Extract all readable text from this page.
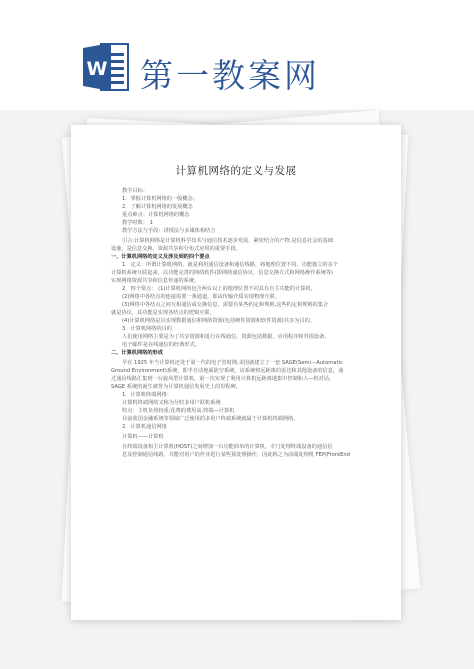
W 第一教案网
计算机网络的定义与发展
教学目标：
1．掌握计算机网络的一般概念；
2．了解计算机网络的发展概念
重点难点：计算机网络的概念
教学时数： 1
教学方法与手段：讲授法与多媒体相结合
引言:计算机网络是计算机科学技术与通信技术逐步发展、紧密结合的产物,是信息社会的基础
设施，是信息交换、资源共享和分布式应用的重要手段。
一、计算机网络的定义及涉及到的四个要点
1．定义：所谓计算机网络，就是利用通信设备和通信线路，将地理位置不同、功能独立的多个
计算机系统互联起来，以功能完善的网络软件(即网络通信协议，信息交换方式和网络操作系统等)
实现网络资源共享和信息传递的系统。
2．四个要点： (1)计算机网络包含两台以上的地理位置不同具有自主功能的计算机。
(2)网络中各结点的连接需要一条通道，即由传输介质实现物理互联。
(3)网络中各结点之间互相通信或交换信息，需要有某些约定和规则,这些约定和规则的集合
就是协议，其功能是实现各结点的逻辑互联。
(4)计算机网络是以实现数据通信和网络资源(包括硬件资源和软件资源)共享为目的。
3．计算机网络的目的
人们使用网络主要是为了共享资源和进行在线通信，资源包括数据、应用程序和外围设备，
电子邮件是在线通信的经典形式。
二、计算机网络的形成
早在 1925 年当计算机还处于第一代的电子管时期,美国就建立了一套 SAGE(Semi—Automatic
Ground Environment)系统，即半自动地面防空系统，该系统将远距离的雷达和其他设备的信息，通
过通信线路汇集到一台旋风型计算机，第一次实现了利用计算机远距离地集中控制和人—机对话，
SAGE 系统的诞生被誉为计算机通信发展史上的里程碑。
1．计算机终端网络：
计算机终端网络又称为分时多用户联机系统
特点：主机负荷较重;花费的费用高,终端—计算机
目前我国金融系统等领域广泛使用的多用户终端系统就属于计算机终端网络。
2．计算机通信网络
计算机——计算机
在终端设备和主计算机(HOST)之间增加一台功能简单的计算机，专门处理终端设备的通信信
息及控制通信线路，并能对用户的作业进行某些预处理操作，因此称之为前端处理机 FEP(FrontEnd
